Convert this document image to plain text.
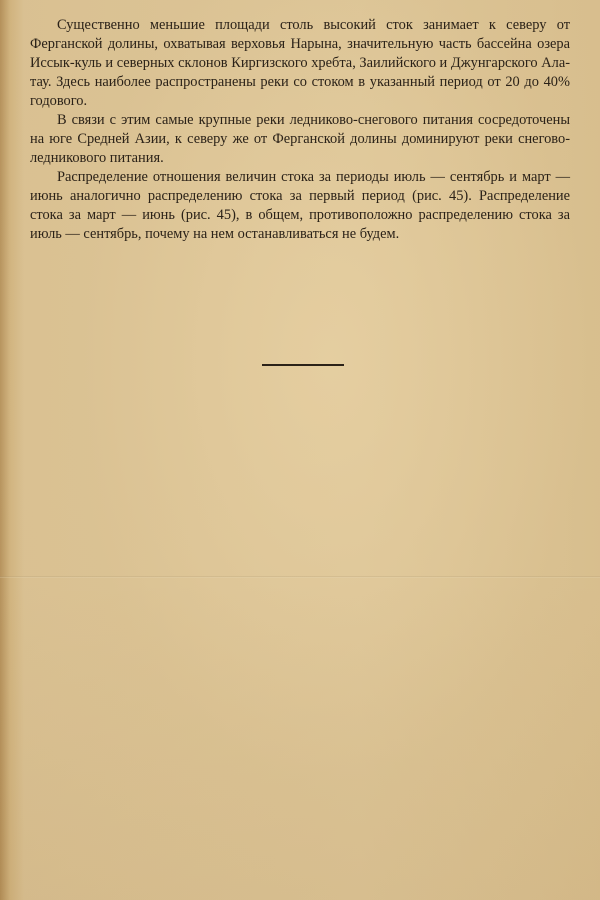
Существенно меньшие площади столь высокий сток занимает к северу от Ферганской долины, охватывая верховья Нарына, значительную часть бассейна озера Иссык-куль и северных склонов Киргизского хребта, Заилийского и Джунгарского Ала-тау. Здесь наиболее распространены реки со стоком в указанный период от 20 до 40% годового.

В связи с этим самые крупные реки ледниково-снегового питания сосредоточены на юге Средней Азии, к северу же от Ферганской долины доминируют реки снегово-ледникового питания.

Распределение отношения величин стока за периоды июль — сентябрь и март — июнь аналогично распределению стока за первый период (рис. 45). Распределение стока за март — июнь (рис. 45), в общем, противоположно распределению стока за июль — сентябрь, почему на нем останавливаться не будем.
